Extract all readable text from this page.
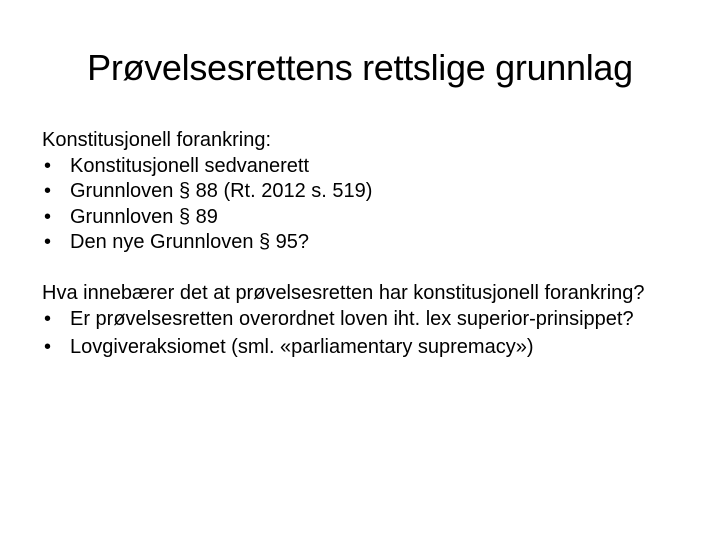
Prøvelsesrettens rettslige grunnlag

Konstitusjonell forankring:

• Konstitusjonell sedvanerett
• Grunnloven § 88 (Rt. 2012 s. 519)
• Grunnloven § 89
• Den nye Grunnloven § 95?

Hva innebærer det at prøvelsesretten har konstitusjonell forankring?

• Er prøvelsesretten overordnet loven iht. lex superior-prinsippet?
• Lovgiveraksiomet (sml. «parliamentary supremacy»)
